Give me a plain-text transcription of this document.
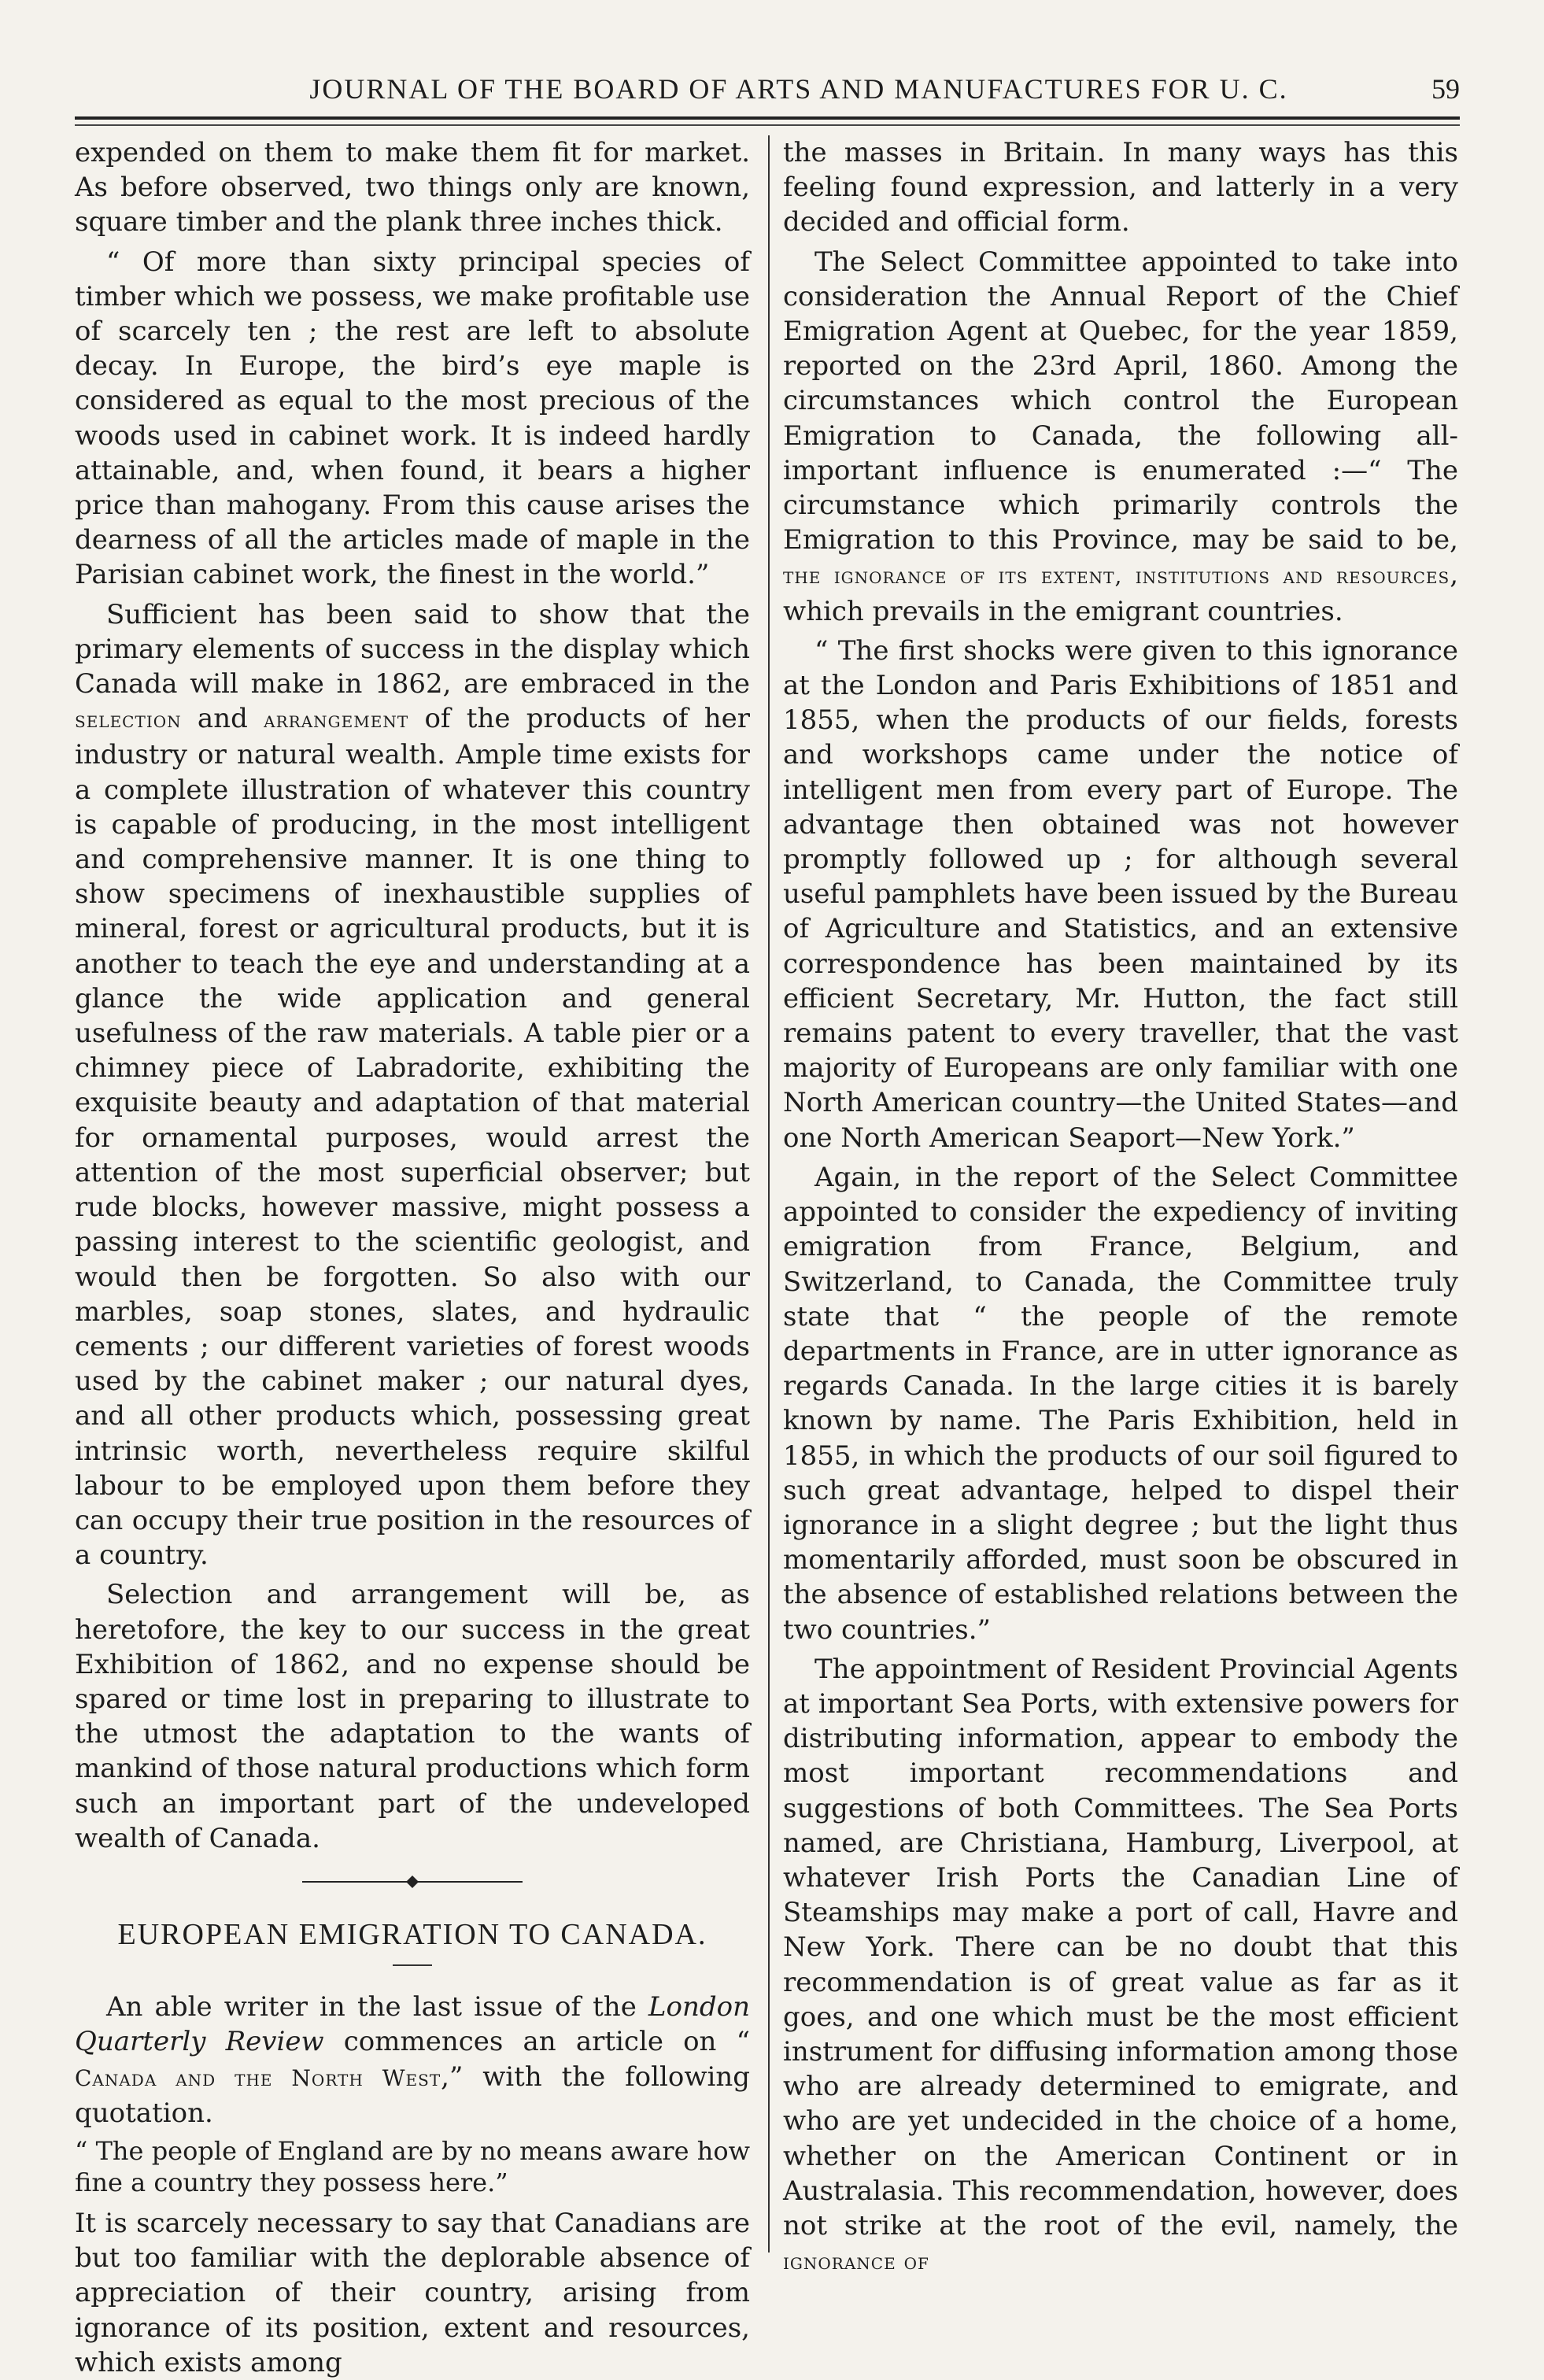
JOURNAL OF THE BOARD OF ARTS AND MANUFACTURES FOR U. C.	59

expended on them to make them fit for market. As before observed, two things only are known, square timber and the plank three inches thick.

“ Of more than sixty principal species of timber which we possess, we make profitable use of scarcely ten ; the rest are left to absolute decay. In Europe, the bird’s eye maple is considered as equal to the most precious of the woods used in cabinet work. It is indeed hardly attainable, and, when found, it bears a higher price than mahogany. From this cause arises the dearness of all the articles made of maple in the Parisian cabinet work, the finest in the world.”

Sufficient has been said to show that the primary elements of success in the display which Canada will make in 1862, are embraced in the selection and arrangement of the products of her industry or natural wealth. Ample time exists for a complete illustration of whatever this country is capable of producing, in the most intelligent and comprehensive manner. It is one thing to show specimens of inexhaustible supplies of mineral, forest or agricultural products, but it is another to teach the eye and understanding at a glance the wide application and general usefulness of the raw materials. A table pier or a chimney piece of Labradorite, exhibiting the exquisite beauty and adaptation of that material for ornamental purposes, would arrest the attention of the most superficial observer; but rude blocks, however massive, might possess a passing interest to the scientific geologist, and would then be forgotten. So also with our marbles, soap stones, slates, and hydraulic cements ; our different varieties of forest woods used by the cabinet maker ; our natural dyes, and all other products which, possessing great intrinsic worth, nevertheless require skilful labour to be employed upon them before they can occupy their true position in the resources of a country.

Selection and arrangement will be, as heretofore, the key to our success in the great Exhibition of 1862, and no expense should be spared or time lost in preparing to illustrate to the utmost the adaptation to the wants of mankind of those natural productions which form such an important part of the undeveloped wealth of Canada.

EUROPEAN EMIGRATION TO CANADA.

An able writer in the last issue of the London Quarterly Review commences an article on “ Canada and the North West,” with the following quotation.

“ The people of England are by no means aware how fine a country they possess here.”

It is scarcely necessary to say that Canadians are but too familiar with the deplorable absence of appreciation of their country, arising from ignorance of its position, extent and resources, which exists among

the masses in Britain. In many ways has this feeling found expression, and latterly in a very decided and official form.

The Select Committee appointed to take into consideration the Annual Report of the Chief Emigration Agent at Quebec, for the year 1859, reported on the 23rd April, 1860. Among the circumstances which control the European Emigration to Canada, the following all-important influence is enumerated :—“ The circumstance which primarily controls the Emigration to this Province, may be said to be, the ignorance of its extent, institutions and resources, which prevails in the emigrant countries.

“ The first shocks were given to this ignorance at the London and Paris Exhibitions of 1851 and 1855, when the products of our fields, forests and workshops came under the notice of intelligent men from every part of Europe. The advantage then obtained was not however promptly followed up ; for although several useful pamphlets have been issued by the Bureau of Agriculture and Statistics, and an extensive correspondence has been maintained by its efficient Secretary, Mr. Hutton, the fact still remains patent to every traveller, that the vast majority of Europeans are only familiar with one North American country—the United States—and one North American Seaport—New York.”

Again, in the report of the Select Committee appointed to consider the expediency of inviting emigration from France, Belgium, and Switzerland, to Canada, the Committee truly state that “ the people of the remote departments in France, are in utter ignorance as regards Canada. In the large cities it is barely known by name. The Paris Exhibition, held in 1855, in which the products of our soil figured to such great advantage, helped to dispel their ignorance in a slight degree ; but the light thus momentarily afforded, must soon be obscured in the absence of established relations between the two countries.”

The appointment of Resident Provincial Agents at important Sea Ports, with extensive powers for distributing information, appear to embody the most important recommendations and suggestions of both Committees. The Sea Ports named, are Christiana, Hamburg, Liverpool, at whatever Irish Ports the Canadian Line of Steamships may make a port of call, Havre and New York. There can be no doubt that this recommendation is of great value as far as it goes, and one which must be the most efficient instrument for diffusing information among those who are already determined to emigrate, and who are yet undecided in the choice of a home, whether on the American Continent or in Australasia. This recommendation, however, does not strike at the root of the evil, namely, the ignorance of
